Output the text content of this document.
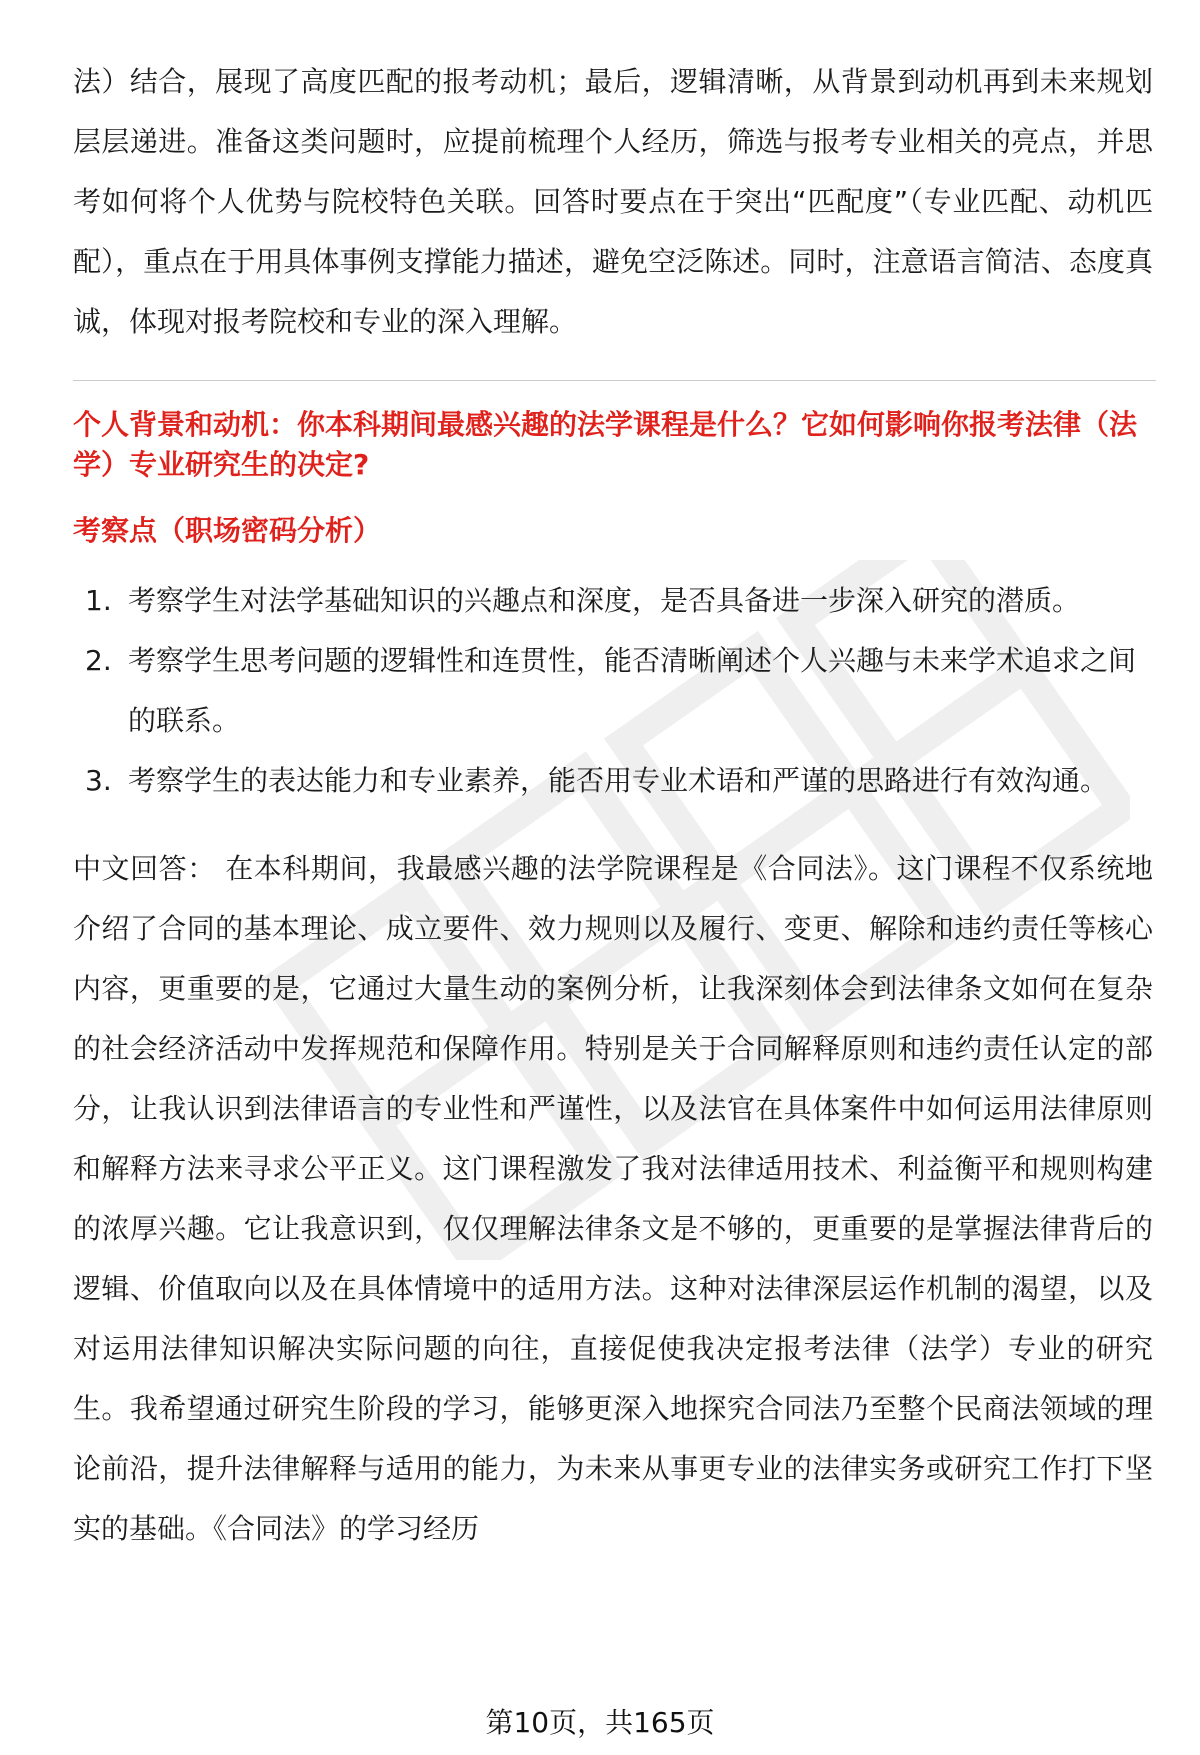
法）结合，展现了高度匹配的报考动机；最后，逻辑清晰，从背景到动机再到未来规划层层递进。准备这类问题时，应提前梳理个人经历，筛选与报考专业相关的亮点，并思考如何将个人优势与院校特色关联。回答时要点在于突出“匹配度”（专业匹配、动机匹配），重点在于用具体事例支撑能力描述，避免空泛陈述。同时，注意语言简洁、态度真诚，体现对报考院校和专业的深入理解。

个人背景和动机：你本科期间最感兴趣的法学课程是什么？它如何影响你报考法律（法学）专业研究生的决定?

考察点（职场密码分析）

1. 考察学生对法学基础知识的兴趣点和深度，是否具备进一步深入研究的潜质。
2. 考察学生思考问题的逻辑性和连贯性，能否清晰阐述个人兴趣与未来学术追求之间的联系。
3. 考察学生的表达能力和专业素养，能否用专业术语和严谨的思路进行有效沟通。

中文回答： 在本科期间，我最感兴趣的法学院课程是《合同法》。这门课程不仅系统地介绍了合同的基本理论、成立要件、效力规则以及履行、变更、解除和违约责任等核心内容，更重要的是，它通过大量生动的案例分析，让我深刻体会到法律条文如何在复杂的社会经济活动中发挥规范和保障作用。特别是关于合同解释原则和违约责任认定的部分，让我认识到法律语言的专业性和严谨性，以及法官在具体案件中如何运用法律原则和解释方法来寻求公平正义。这门课程激发了我对法律适用技术、利益衡平和规则构建的浓厚兴趣。它让我意识到，仅仅理解法律条文是不够的，更重要的是掌握法律背后的逻辑、价值取向以及在具体情境中的适用方法。这种对法律深层运作机制的渴望，以及对运用法律知识解决实际问题的向往，直接促使我决定报考法律（法学）专业的研究生。我希望通过研究生阶段的学习，能够更深入地探究合同法乃至整个民商法领域的理论前沿，提升法律解释与适用的能力，为未来从事更专业的法律实务或研究工作打下坚实的基础。《合同法》的学习经历

第10页，共165页
